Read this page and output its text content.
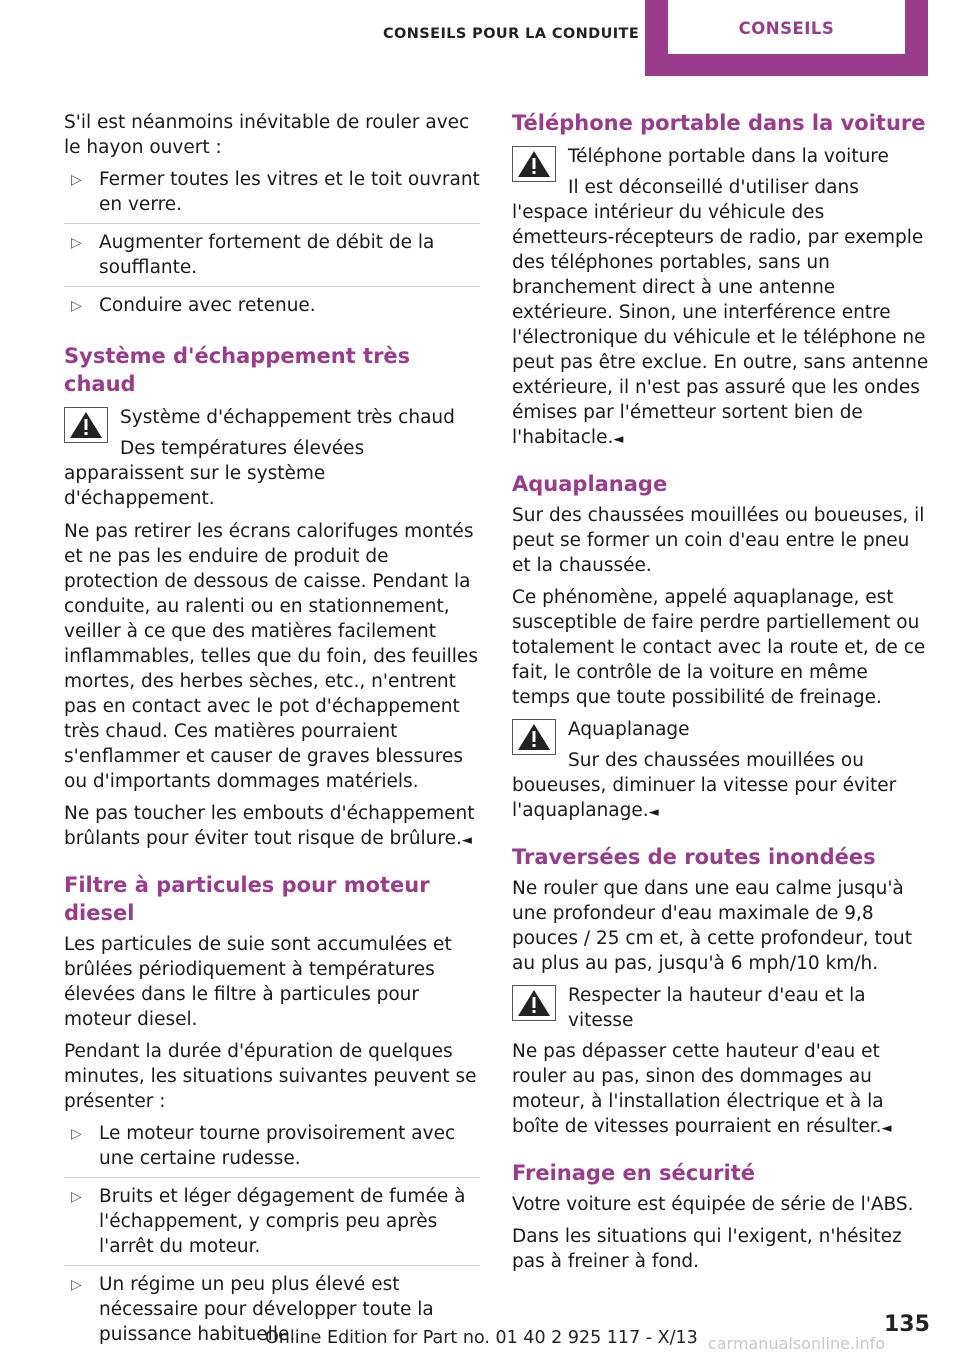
CONSEILS POUR LA CONDUITE	CONSEILS

S'il est néanmoins inévitable de rouler avec le hayon ouvert :

▷ Fermer toutes les vitres et le toit ouvrant en verre.
▷ Augmenter fortement de débit de la soufflante.
▷ Conduire avec retenue.
Système d'échappement très chaud
Système d'échappement très chaud
Des températures élevées apparaissent sur le système d'échappement.

Ne pas retirer les écrans calorifuges montés et ne pas les enduire de produit de protection de dessous de caisse. Pendant la conduite, au ralenti ou en stationnement, veiller à ce que des matières facilement inflammables, telles que du foin, des feuilles mortes, des herbes sèches, etc., n'entrent pas en contact avec le pot d'échappement très chaud. Ces matières pourraient s'enflammer et causer de graves blessures ou d'importants dommages matériels.

Ne pas toucher les embouts d'échappement brûlants pour éviter tout risque de brûlure.◄

Filtre à particules pour moteur diesel

Les particules de suie sont accumulées et brûlées périodiquement à températures élevées dans le filtre à particules pour moteur diesel.

Pendant la durée d'épuration de quelques minutes, les situations suivantes peuvent se présenter :

▷ Le moteur tourne provisoirement avec une certaine rudesse.
▷ Bruits et léger dégagement de fumée à l'échappement, y compris peu après l'arrêt du moteur.
▷ Un régime un peu plus élevé est nécessaire pour développer toute la puissance habituelle.
Téléphone portable dans la voiture
Téléphone portable dans la voiture
Il est déconseillé d'utiliser dans l'espace intérieur du véhicule des émetteurs-récepteurs de radio, par exemple des téléphones portables, sans un branchement direct à une antenne extérieure. Sinon, une interférence entre l'électronique du véhicule et le téléphone ne peut pas être exclue. En outre, sans antenne extérieure, il n'est pas assuré que les ondes émises par l'émetteur sortent bien de l'habitacle.◄
Aquaplanage

Sur des chaussées mouillées ou boueuses, il peut se former un coin d'eau entre le pneu et la chaussée.

Ce phénomène, appelé aquaplanage, est susceptible de faire perdre partiellement ou totalement le contact avec la route et, de ce fait, le contrôle de la voiture en même temps que toute possibilité de freinage.

Aquaplanage
Sur des chaussées mouillées ou boueuses, diminuer la vitesse pour éviter l'aquaplanage.◄
Traversées de routes inondées

Ne rouler que dans une eau calme jusqu'à une profondeur d'eau maximale de 9,8 pouces / 25 cm et, à cette profondeur, tout au plus au pas, jusqu'à 6 mph/10 km/h.

Respecter la hauteur d'eau et la vitesse
Ne pas dépasser cette hauteur d'eau et rouler au pas, sinon des dommages au moteur, à l'installation électrique et à la boîte de vitesses pourraient en résulter.◄
Freinage en sécurité

Votre voiture est équipée de série de l'ABS.

Dans les situations qui l'exigent, n'hésitez pas à freiner à fond.

Online Edition for Part no. 01 40 2 925 117 - X/13
135
carmanualsonline.info
